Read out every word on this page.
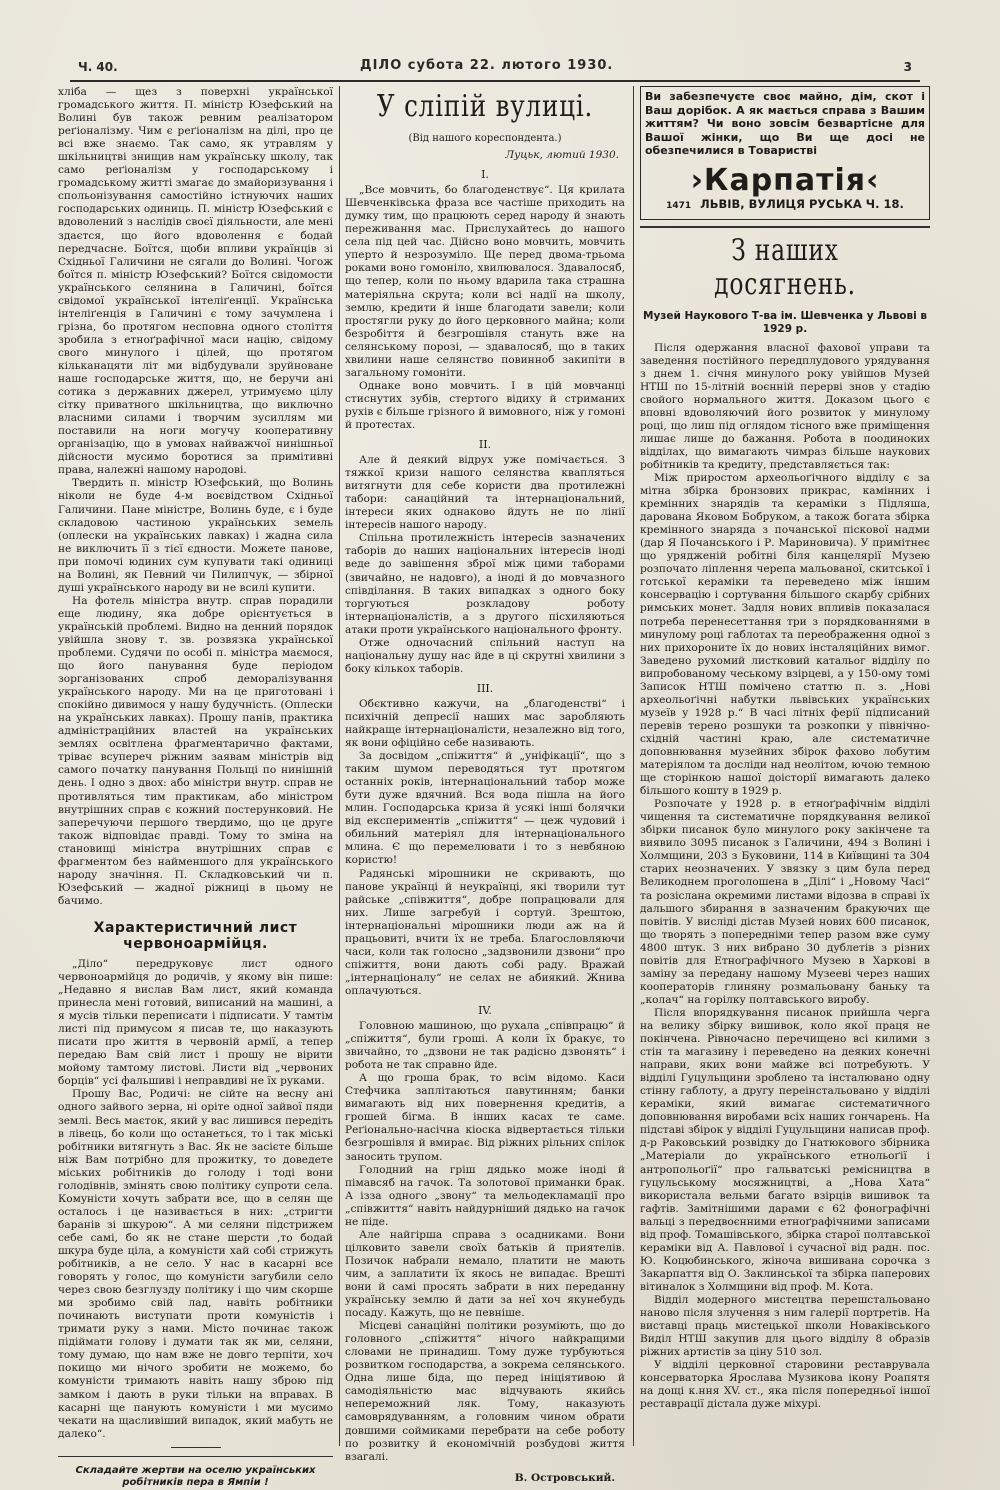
Ч. 40.	ДІЛО субота 22. лютого 1930.	3

хліба — щез з поверхні української громадського життя. П. міністр Юзефський на Волині був також ревним реалізатором реґіоналізму. Чим є реґіоналізм на ділі, про це всі вже знаємо. Так само, як утравлям у шкільництві знищив нам українську школу, так само реґіоналізм у господарському і громадському житті змагає до змайоризування і спольонізування самостійно істнуючих наших господарських одиниць. П. міністр Юзефський є вдоволений з наслідів своєї діяльности, але мені здаєтся, що його вдоволення є бодай передчасне. Боїтся, щоби впливи українців зі Східньої Галичини не сягали до Волині. Чогож боїтся п. міністр Юзефський? Боїтся свідомости українського селянина в Галичині, боїтся свідомої української інтеліґенції. Українська інтеліґенція в Галичині є тому зачумлена і грізна, бо протягом несповна одного століття зробила з етноґрафічної маси націю, свідому свого минулого і цілей, що протягом кільканацяти літ ми відбудували зруйноване наше господарське життя, що, не беручи ані сотика з державних джерел, утримуємо цілу сітку приватного шкільництва, що виключно власними силами і творчим зусиллям ми поставили на ноги могучу кооперативну організацію, що в умовах найважчої нинішньої дійсности мусимо боротися за примітивні права, належні нашому народові.

Твердить п. міністр Юзефський, що Волинь ніколи не буде 4-м воєвідством Східньої Галичини. Пане міністре, Волинь буде, є і буде складовою частиною українських земель (оплески на українських лавках) і жадна сила не виключить її з тієї єдности. Можете панове, при помочі юдиних сум купувати такі одиниці на Волині, як Певний чи Пилипчук, — збірної душі українського народу ви не всилі купити.

На фотель міністра внутр. справ порадили еще людину, яка добре орієнтується в українській проблемі. Видно на денний порядок увійшла знову т. зв. розвязка української проблеми. Судячи по особі п. міністра маємося, що його панування буде періодом зорганізованих спроб деморалізування українського народу. Ми на це приготовані і спокійно дивимося у нашу будучність. (Оплески на українських лавках). Прошу панів, практика адміністраційних властей на українських землях освітлена фрагментарично фактами, тріває всупереч ріжним заявам міністрів від самого початку панування Польщі по нинішній день. І одно з двох: або міністри внутр. справ не противляться тим практикам, або міністром внутрішних справ є кожний постерунковий. Не заперечуючи першого твердимо, що це друге також відповідає правді. Тому то зміна на становищі міністра внутрішних справ є фрагментом без найменшого для українського народу значіння. П. Складковський чи п. Юзефський — жадної ріжниці в цьому не бачимо.

Характеристичний лист червоноармійця.

„Діло“ передруковує лист одного червоноармійця до родичів, у якому він пише: „Недавно я вислав Вам лист, який команда принесла мені готовий, виписаний на машині, а я мусів тільки переписати і підписати. У тамтім листі під примусом я писав те, що наказують писати про життя в червоній армії, а тепер передаю Вам свій лист і прошу не вірити мойому тамтому листові. Листи від „червоних борців“ усі фальшиві і неправдиві не їх руками.

Прошу Вас, Родичі: не сійте на весну ані одного зайвого зерна, ні орітe одної зайвої пяди землі. Весь маєток, який у вас лишився передіть в лівець, бо коли що останеться, то і так міські робітники витягнуть з Вас. Як не засієте більше ніж Вам потрібно для прожитку, то доведете міських робітників до голоду і тоді вони голодівнів, змінять свою політику супроти села. Комуністи хочуть забрати все, що в селян ще осталось і це називається в них: „стригти баранів зі шкурою“. А ми селяни підстрижем себе самі, бо як не стане шерсти ,то бодай шкура буде ціла, а комуністи хай собі стрижуть робітників, а не село. У нас в касарні все говорять у голос, що комуністи загубили село через свою безглузду політику і що чим скорше ми зробимо свій лад, навіть робітники починають виступати проти комуністів і тримати руку з нами. Місто починає також підіймати голову і думати так як ми, селяни, тому думаю, що нам вже не довго терпіти, хоч покищо ми нічого зробити не можемо, бо комуністи тримають навіть нашу зброю під замком і дають в руки тільки на вправах. В касарні ще панують комуністи і ми мусимо чекати на щасливіший випадок, який мабуть не далеко“.

Складайте жертви на оселю українських робітників пера в Ямпіи !
У сліпій вулиці.
(Від нашого кореспондента.)
Луцьк, лютий 1930.
I.

„Все мовчить, бо благоденствує“. Ця крилата Шевченківська фраза все частіше приходить на думку тим, що працюють серед народу й знають переживання мас. Прислухайтесь до нашого села під цей час. Дійсно воно мовчить, мовчить уперто й незрозуміло. Ще перед двома-трьома роками воно гомоніло, хвилювалося. Здавалосяб, що тепер, коли по ньому вдарила така страшна матеріяльна скрута; коли всі надії на школу, землю, кредити й інше благодати завели; коли простягли руку до його церковного майна; коли безробіття й безгрошівля стануть вже на селянському порозі, — здавалосяб, що в таких хвилини наше селянство повиннoб закипіти в загальному гомоніти.

Однаке воно мовчить. І в цій мовчанці стиснутих зубів, стертого відиху й стриманих рухів є більше грізного й вимовного, ніж у гомоні й протестах.

II.

Але й деякий відрух уже помічається. З тяжкої кризи нашого селянства квапляться витягнути для себе користи два протилежні табори: санаційний та інтернаціональний, інтереси яких однаково йдуть не по лінії інтересів нашого народу.

Спільна протилежність інтересів зазначених таборів до наших національних інтересів іноді веде до завішення зброї між цими таборами (звичайно, не надовго), а іноді й до мовчазного співділання. В таких випадках з одного боку торгуються розкладову роботу інтернаціоналістів, а з другого пісхиляються атаки проти українського національного фронту.

Отже одночасний спільний наступ на національну душу нас йде в ці скрутні хвилини з боку кількох таборів.

III.

Обєктивно кажучи, на „благоденстві“ і психічній депресії наших мас заробляють найкраще інтернаціоналісти, незалежно від того, як вони офіційно себе називають.

За досвідом „спіжиття“ й „уніфікації“, що з таким шумом переводяться тут протягом останніх років, інтернаціональний табор може бути дуже вдячний. Вся вода пішла на його млин. Господарська криза й усякі інші болячки від експериментів „спіжиття“ — цеж чудовий і обильний матеріял для інтернаціонального млина. Є що перемелювати і то з невбяною користю!

Радянські мірошники не скривають, що панове українці й неукраїнці, які творили тут райське „співжиття“, добре попрацювали для них. Лише загребуй і сортуй. Зрештою, інтернаціональні мірошники люди аж на й працьовиті, вчити їх не треба. Благословляючи часи, коли так голосно „задзвонили дзвони“ про спіжиття, вони дають собі раду. Вражай „інтернаціоналу“ не селах не абиякий. Жнива оплачуються.

IV.

Головною машиною, що рухала „співпрацю“ й „спіжиття“, були гроші. А коли їх бракує, то звичайно, то „дзвони не так радісно дзвонять“ і робота не так справно йде.

А що гроша брак, то всім відомо. Каси Стефчика заплітаються павутинням; банки вимагають від них повернення кредитів, а грошей бігма. В інших касах те саме. Реґіонально-насічна кіоска відвертається тільки безгрошівля й вмирає. Від ріжних рільних спілок заносить трупом.

Голодний на гріш дядько може іноді й пімавсяб на гачок. Та золотової приманки брак. А ізза одного „звону“ та мельодекламації про „співжиття“ навіть найдурніший дядько на гачок не піде.

Але найгірша справа з осадниками. Вони цілковито завели своїх батьків й приятелів. Позичок набрали немало, платити не мають чим, а заплатити їх якось не випадає. Врешті вони й самі просять забрати в них переданну українську землю й дати за неї хоч якунебудь посаду. Кажуть, що не певніше.

Місцеві санаційні політики розуміють, що до головного „спіжиття“ нічого найкращими словами не принадиш. Тому дуже турбуються розвитком господарства, а зокрема селянського. Одна лише біда, що перед ініціятивою й самодіяльністю мас відчувають якийсь непереможний ляк. Тому, наказують самоврядуванням, а головним чином обрати довшими соймиками перебрати на себе роботу по розвитку й економічній розбудові життя взагалі.

В. Островський.
Ви забезпечуєте своє майно, дім, скот і Ваш дорібок. А як мається справа з Вашим життям? Чи воно зовсім безвартісне для Вашої жінки, що Ви ще досі не обезпечилися в Товаристві
›Карпатія‹
1471 ЛЬВІВ, ВУЛИЦЯ РУСЬКА Ч. 18.
З наших досягнень.
Музей Наукового Т-ва ім. Шевченка у Львові в 1929 р.

Після одержання власної фахової управи та заведення постійного передплудового урядування з днем 1. січня минулого року увійшов Музей НТШ по 15-літній воєнній перерві знов у стадію свойого нормального життя. Доказом цього є вповні вдоволяючий його розвиток у минулому році, що лиш під оглядом тісного вже приміщення лишає лише до бажання. Робота в поодиноких відділах, що вимагають чимраз більше наукових робітників та кредиту, представляється так:

Між приростом археольоґічного відділу є за мітна збірка бронзових прикрас, камінних і кремінних знарядів та кераміки з Підляша, дарована Яковом Бобруком, а також богата збірка кремінного знаряда з почанської піскової надми (дар Я Почанського і Р. Мариновича). У примітнеє що урядженій робітні біля канцелярії Музею розпочато ліплення черепа мальованої, скитської і готської кераміки та переведено між іншим консервацію і сортування більшого скарбу срібних римських монет. Задля нових впливів показалася потреба перенесеттання три з порядкованнями в минулому році габлотах та переображення одної з них прихороните їх до нових інсталяційних вимог. Заведено рухомий листковий катальог відділу по випробованому чеському взірцеві, а у 150-ому томі Записок НТШ помічено статтю п. з. „Нові археольоґічні набутки львівських українських музеїв у 1928 р.“ В часі літніх ферії підписаний перевів терено розшуки та розкопки у північно-східній частині краю, але систематичне доповнювання музейних збірок фахово лобутим матеріялом та досліди над неолітом, ючою темною ще сторінкою нашої доісторії вимагають далеко більшого кошту в 1929 р.

Розпочате у 1928 р. в етноґрафічнім відділі чищення та систематичне порядкування великої збірки писанок було минулого року закінчене та виявило 3095 писанок з Галичини, 494 з Волині і Холмщини, 203 з Буковини, 114 в Київщині та 304 старих неозначених. У звязку з цим була перед Великоднем проголошена в „Ділі“ і „Новому Часі“ та розіслана окремими листами відозва в справі їх дальшого збирання в зазначеним бракуючих ще повітів. У висліді дістав Музей нових 600 писанок, що творять з попередніми тепер разом вже суму 4800 штук. З них вибрано 30 дублетів з різних повітів для Етноґрафічного Музею в Харкові в заміну за передану нашому Музееві через наших кооператорів глиняну розмальовану баньку та „колач“ на горілку полтавського виробу.

Після впорядкування писанок прийшла черга на велику збірку вишивок, коло якої праця не покінчена. Рівночасно перечищено всі килими з стін та магазину і переведено на деяких конечні направи, яких вони майже всі потребують. У відділі Гуцульщини зроблено та інсталювано одну стінну габлоту, а другу переінстальовано у відділі кераміки, який вимагає систематичного доповнювання виробами всіх наших гончарень. На підставі збірок у відділі Гуцульщини написав проф. д-р Раковський розвідку до Гнатюкового збірника „Матеріали до українського етнольоґії і антропольоґії“ про гальватські ремісництва в гуцульському мосяжництві, а „Нова Хата“ використала вельми багато взірців вишивок та гафтів. Замітнішими дарами є 62 фонографічні вальці з передвоєнними етноґрафічними записами від проф. Томашівського, збірка старої полтавської кераміки від А. Павлової і сучасної від радн. пос. Ю. Коцюбинського, жіноча вишивана сорочка з Закарпаття від О. Заклинської та збірка паперових вітиналок з Холмщини від проф. М. Кота.

Відділ модерного мистецтва перешстальовано наново після злучення з ним галерії портретів. На виставці праць мистецької школи Новаківського Виділ НТШ закупив для цього відділу 8 образів ріжних артистів за ціну 510 зол.

У відділі церковної старовини реставрувала консерваторка Ярослава Музикова ікону Роапятя на дощі к.ння XV. ст., яка після попередньої іншої реставрації дістала дуже міхурі.
